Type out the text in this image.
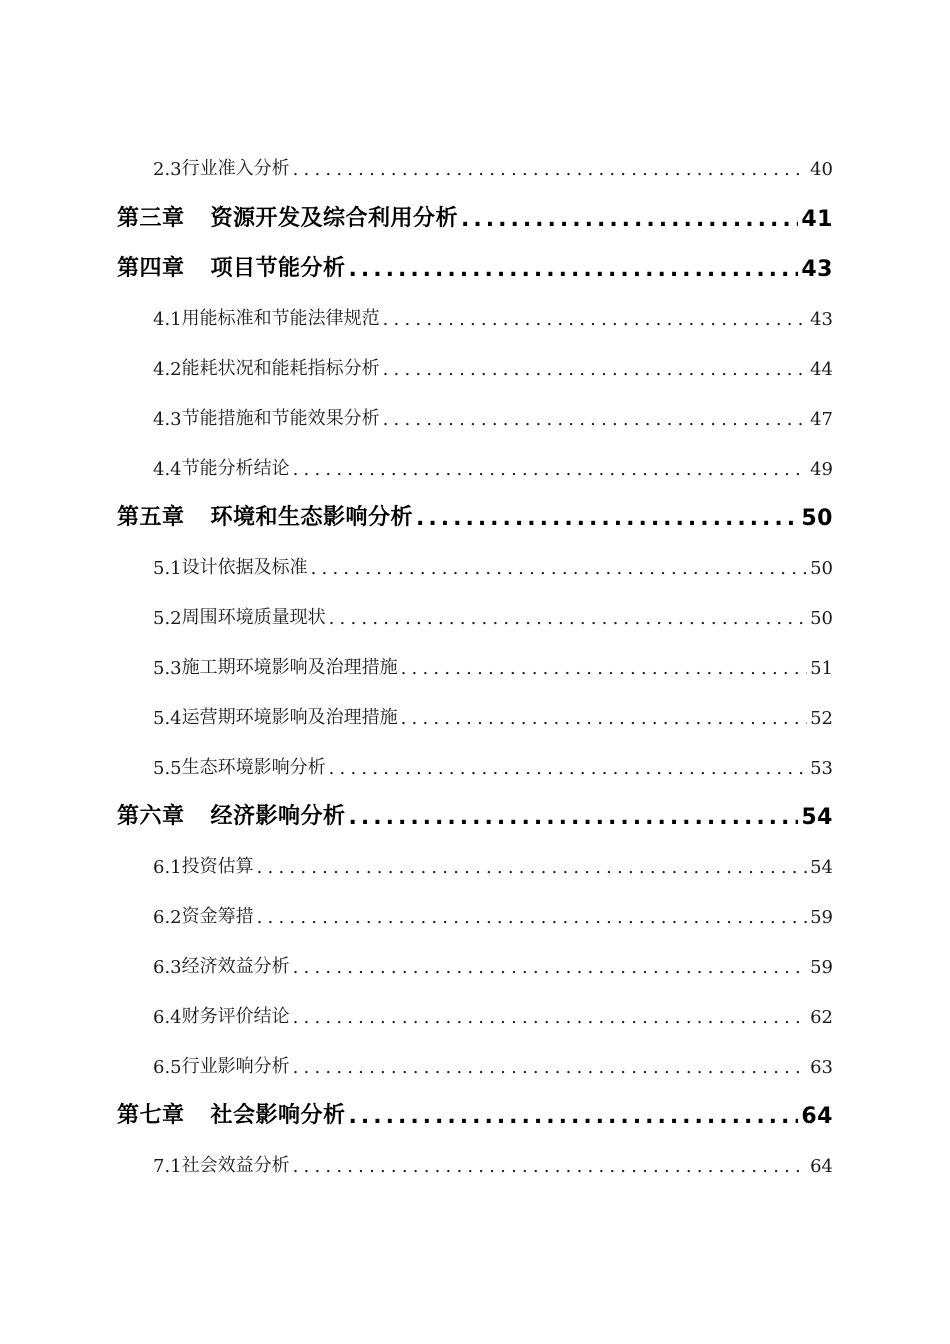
2.3 行业准入分析 .....	40
第三章 资源开发及综合利用分析 .....	41
第四章 项目节能分析 .....	43
4.1 用能标准和节能法律规范 .....	43
4.2 能耗状况和能耗指标分析 .....	44
4.3 节能措施和节能效果分析 .....	47
4.4 节能分析结论 .....	49
第五章 环境和生态影响分析 .....	50
5.1 设计依据及标准 .....	50
5.2 周围环境质量现状 .....	50
5.3 施工期环境影响及治理措施 .....	51
5.4 运营期环境影响及治理措施 .....	52
5.5 生态环境影响分析 .....	53
第六章 经济影响分析 .....	54
6.1 投资估算 .....	54
6.2 资金筹措 .....	59
6.3 经济效益分析 .....	59
6.4 财务评价结论 .....	62
6.5 行业影响分析 .....	63
第七章 社会影响分析 .....	64
7.1 社会效益分析 .....	64
